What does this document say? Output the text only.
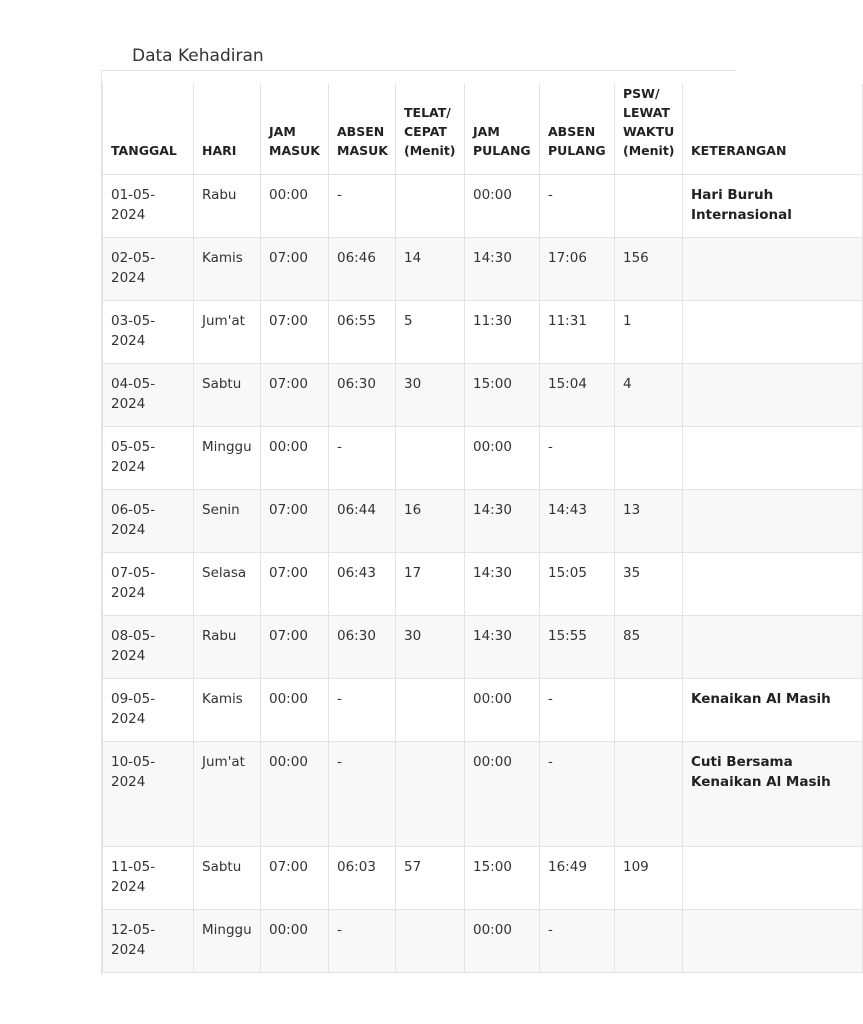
Data Kehadiran
TANGGAL	HARI	JAM MASUK	ABSEN MASUK	TELAT/ CEPAT (Menit)	JAM PULANG	ABSEN PULANG	PSW/ LEWAT WAKTU (Menit)	KETERANGAN
01-05-2024	Rabu	00:00	-		00:00	-		Hari Buruh Internasional
02-05-2024	Kamis	07:00	06:46	14	14:30	17:06	156	
03-05-2024	Jum'at	07:00	06:55	5	11:30	11:31	1	
04-05-2024	Sabtu	07:00	06:30	30	15:00	15:04	4	
05-05-2024	Minggu	00:00	-		00:00	-		
06-05-2024	Senin	07:00	06:44	16	14:30	14:43	13	
07-05-2024	Selasa	07:00	06:43	17	14:30	15:05	35	
08-05-2024	Rabu	07:00	06:30	30	14:30	15:55	85	
09-05-2024	Kamis	00:00	-		00:00	-		Kenaikan Al Masih
10-05-2024	Jum'at	00:00	-		00:00	-		Cuti Bersama Kenaikan Al Masih
11-05-2024	Sabtu	07:00	06:03	57	15:00	16:49	109	
12-05-2024	Minggu	00:00	-		00:00	-		
